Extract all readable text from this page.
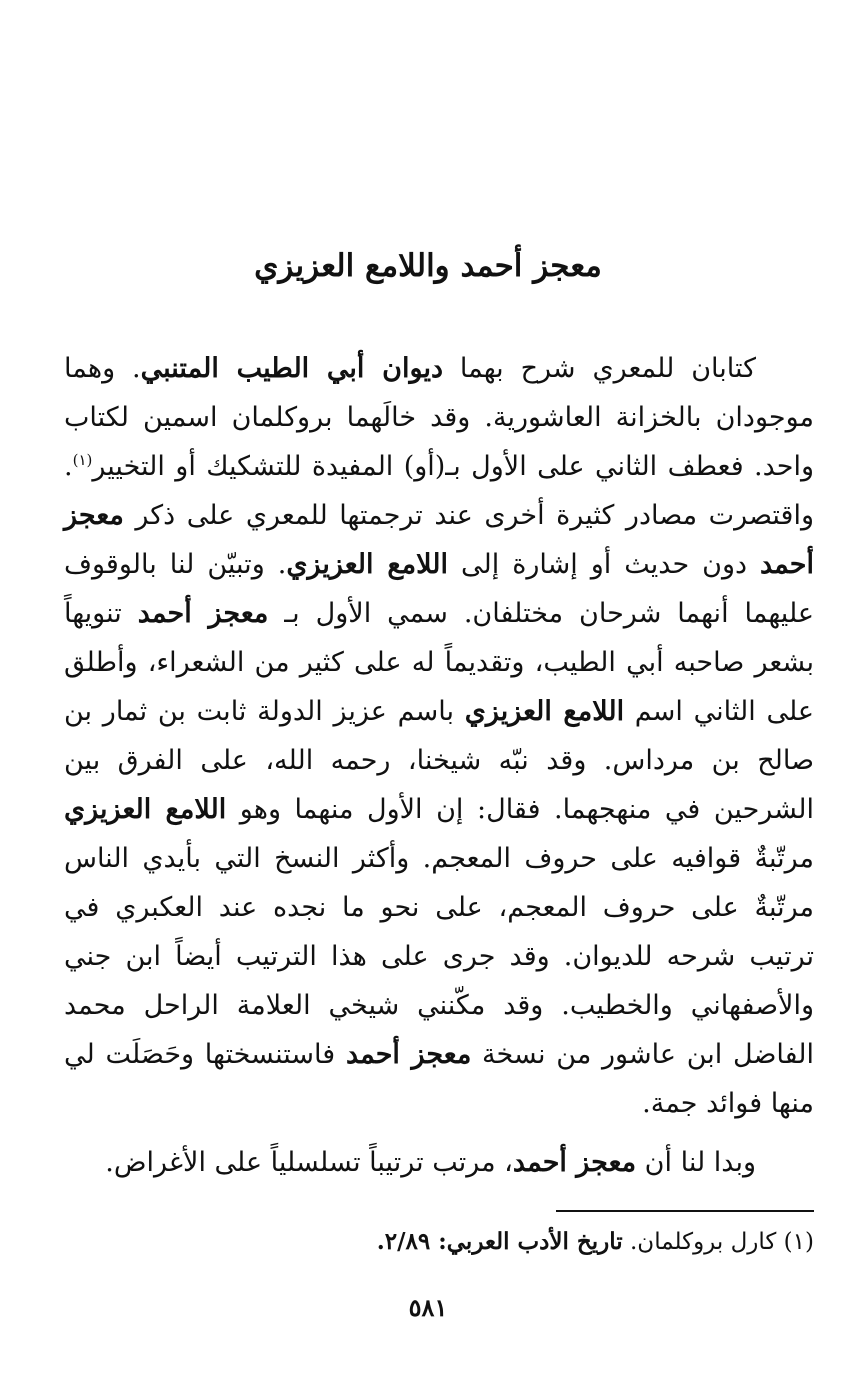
معجز أحمد واللامع العزيزي

كتابان للمعري شرح بهما ديوان أبي الطيب المتنبي. وهما موجودان بالخزانة العاشورية. وقد خالَهما بروكلمان اسمين لكتاب واحد. فعطف الثاني على الأول بـ(أو) المفيدة للتشكيك أو التخيير$^{(١)}$. واقتصرت مصادر كثيرة أخرى عند ترجمتها للمعري على ذكر معجز أحمد دون حديث أو إشارة إلى اللامع العزيزي. وتبيّن لنا بالوقوف عليهما أنهما شرحان مختلفان. سمي الأول بـ معجز أحمد تنويهاً بشعر صاحبه أبي الطيب، وتقديماً له على كثير من الشعراء، وأطلق على الثاني اسم اللامع العزيزي باسم عزيز الدولة ثابت بن ثمار بن صالح بن مرداس. وقد نبّه شيخنا، رحمه الله، على الفرق بين الشرحين في منهجهما. فقال: إن الأول منهما وهو اللامع العزيزي مرتّبةٌ قوافيه على حروف المعجم. وأكثر النسخ التي بأيدي الناس مرتّبةٌ على حروف المعجم، على نحو ما نجده عند العكبري في ترتيب شرحه للديوان. وقد جرى على هذا الترتيب أيضاً ابن جني والأصفهاني والخطيب. وقد مكّنني شيخي العلامة الراحل محمد الفاضل ابن عاشور من نسخة معجز أحمد فاستنسختها وحَصَلَت لي منها فوائد جمة.

وبدا لنا أن معجز أحمد، مرتب ترتيباً تسلسلياً على الأغراض.

(١) كارل بروكلمان. تاريخ الأدب العربي: ٢/٨٩.
٥٨١
